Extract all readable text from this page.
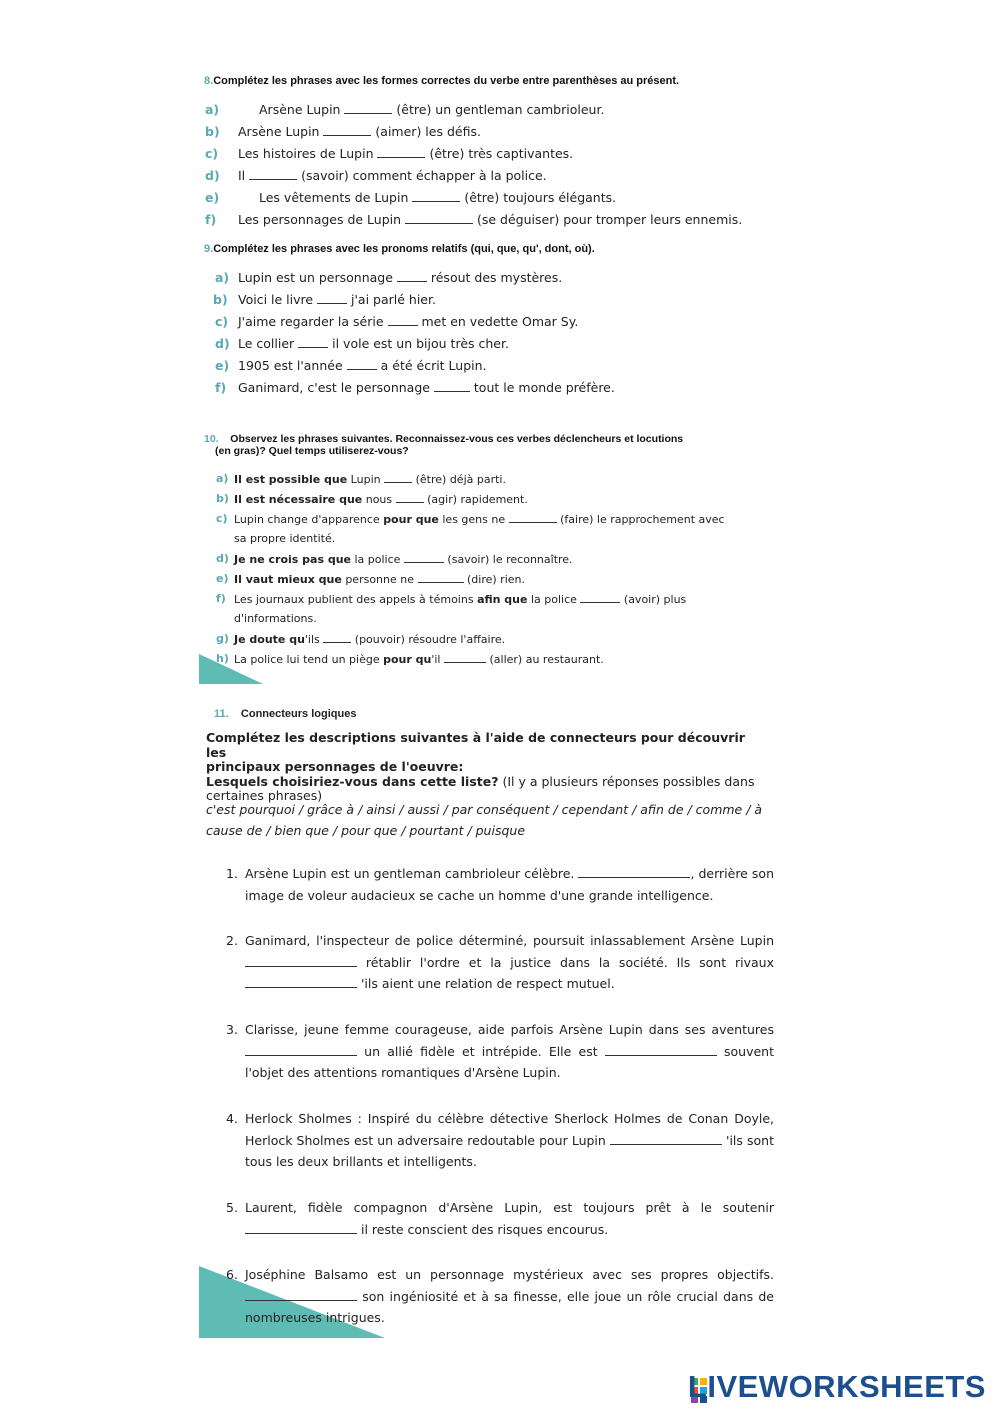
8.Complétez les phrases avec les formes correctes du verbe entre parenthèses au présent.
a)	Arsène Lupin	(être) un gentleman cambrioleur.
b) Arsène Lupin	(aimer) les défis.
c) Les histoires de Lupin	(être) très captivantes.
d) Il	(savoir) comment échapper à la police.
e)	Les vêtements de Lupin	(être) toujours élégants.
f) Les personnages de Lupin	(se déguiser) pour tromper leurs ennemis.
9.Complétez les phrases avec les pronoms relatifs (qui, que, qu', dont, où).
a) Lupin est un personnage  résout des mystères.
b) Voici le livre  j'ai parlé hier.
c) J'aime regarder la série  met en vedette Omar Sy.
d) Le collier  il vole est un bijou très cher.
e) 1905 est l'année  a été écrit Lupin.
f) Ganimard, c'est le personnage	tout le monde préfère.
10. Observez les phrases suivantes. Reconnaissez-vous ces verbes déclencheurs et locutions
(en gras)? Quel temps utiliserez-vous?
a) Il est possible que Lupin	(être) déjà parti.
b) Il est nécessaire que nous	(agir) rapidement.
c) Lupin change d'apparence pour que les gens ne	(faire) le rapprochement avec
sa propre identité.
d) Je ne crois pas que la police	(savoir) le reconnaître.
e) Il vaut mieux que personne ne	(dire) rien.
f) Les journaux publient des appels à témoins afin que la police	(avoir) plus
d'informations.
g) Je doute qu'ils	(pouvoir) résoudre l'affaire.
h) La police lui tend un piège pour qu'il	(aller) au restaurant.
11. Connecteurs logiques
Complétez les descriptions suivantes à l'aide de connecteurs pour découvrir les
principaux personnages de l'oeuvre:
Lesquels choisiriez-vous dans cette liste? (Il y a plusieurs réponses possibles dans
certaines phrases)
c'est pourquoi / grâce à / ainsi / aussi / par conséquent / cependant / afin de / comme / à
cause de / bien que / pour que / pourtant / puisque
1. Arsène Lupin est un gentleman cambrioleur célèbre.	, derrière son image de voleur audacieux se cache un homme d'une grande intelligence.
2. Ganimard, l'inspecteur de police déterminé, poursuit inlassablement Arsène Lupin  rétablir l'ordre et la justice dans la société. Ils sont rivaux  'ils aient une relation de respect mutuel.
3. Clarisse, jeune femme courageuse, aide parfois Arsène Lupin dans ses aventures  un allié fidèle et intrépide. Elle est	souvent l'objet des attentions romantiques d'Arsène Lupin.
4. Herlock Sholmes : Inspiré du célèbre détective Sherlock Holmes de Conan Doyle, Herlock Sholmes est un adversaire redoutable pour Lupin	'ils sont tous les deux brillants et intelligents.
5. Laurent, fidèle compagnon d'Arsène Lupin, est toujours prêt à le soutenir  il reste conscient des risques encourus.
6. Joséphine Balsamo est un personnage mystérieux avec ses propres objectifs.  son ingéniosité et à sa finesse, elle joue un rôle crucial dans de nombreuses intrigues.
LIVEWORKSHEETS
